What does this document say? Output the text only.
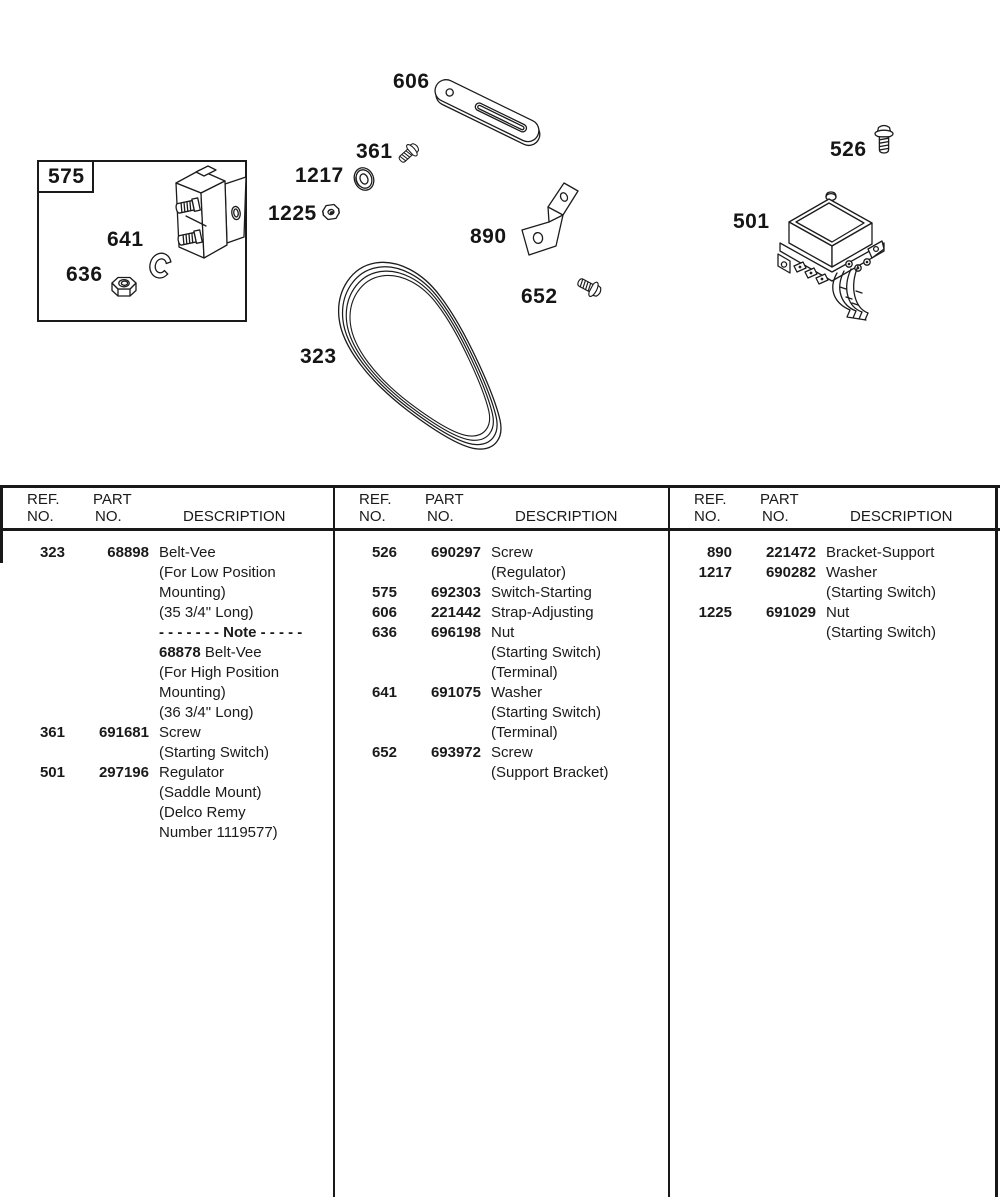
606
361
1217
1225
575
641
636
890
652
323
526
501
REF.
NO.
PART
NO.	DESCRIPTION
323	68898 Belt-Vee
(For Low Position
Mounting)
(35 3/4" Long)
- - - - - - - Note - - - - -
68878 Belt-Vee
(For High Position
Mounting)
(36 3/4" Long)
361	691681 Screw
(Starting Switch)
501	297196 Regulator
(Saddle Mount)
(Delco Remy
Number 1119577)
REF.
NO.
PART
NO.	DESCRIPTION
526	690297 Screw
(Regulator)
575	692303 Switch-Starting
606	221442 Strap-Adjusting
636	696198 Nut
(Starting Switch)
(Terminal)
641	691075 Washer
(Starting Switch)
(Terminal)
652	693972 Screw
(Support Bracket)
REF.
NO.
PART
NO.	DESCRIPTION
890	221472 Bracket-Support
1217	690282 Washer
(Starting Switch)
1225	691029 Nut
(Starting Switch)
